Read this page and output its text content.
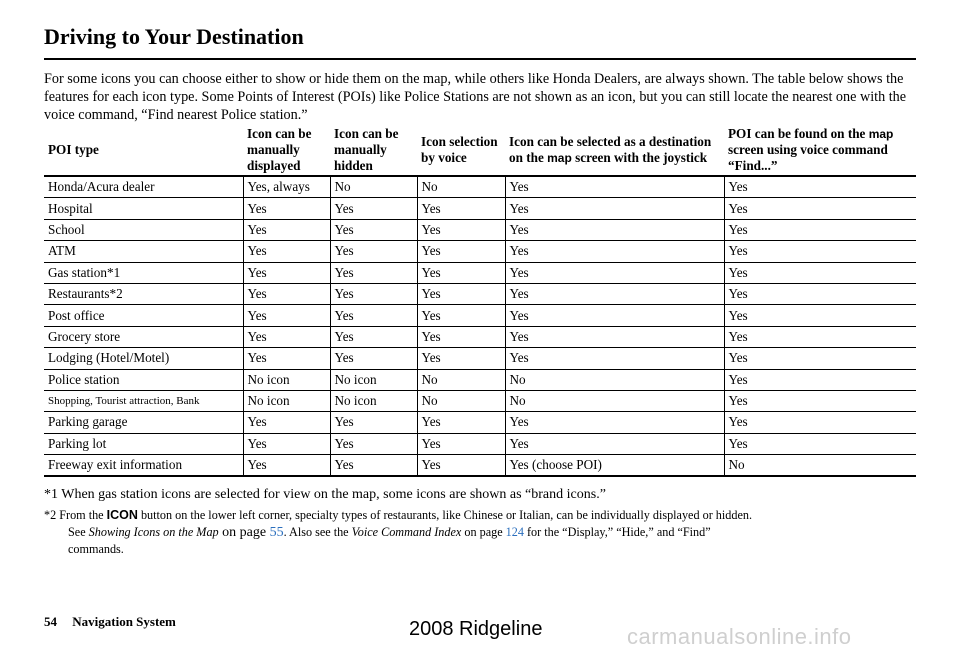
Driving to Your Destination
For some icons you can choose either to show or hide them on the map, while others like Honda Dealers, are always shown. The table below shows the features for each icon type. Some Points of Interest (POIs) like Police Stations are not shown as an icon, but you can still locate the nearest one with the voice command, “Find nearest Police station.”
POI type	Icon can be manually displayed	Icon can be manually hidden	Icon selection by voice	Icon can be selected as a destination on the map screen with the joystick	POI can be found on the map screen using voice command “Find...”
Honda/Acura dealer	Yes, always	No	No	Yes	Yes
Hospital	Yes	Yes	Yes	Yes	Yes
School	Yes	Yes	Yes	Yes	Yes
ATM	Yes	Yes	Yes	Yes	Yes
Gas station*1	Yes	Yes	Yes	Yes	Yes
Restaurants*2	Yes	Yes	Yes	Yes	Yes
Post office	Yes	Yes	Yes	Yes	Yes
Grocery store	Yes	Yes	Yes	Yes	Yes
Lodging (Hotel/Motel)	Yes	Yes	Yes	Yes	Yes
Police station	No icon	No icon	No	No	Yes
Shopping, Tourist attraction, Bank	No icon	No icon	No	No	Yes
Parking garage	Yes	Yes	Yes	Yes	Yes
Parking lot	Yes	Yes	Yes	Yes	Yes
Freeway exit information	Yes	Yes	Yes	Yes (choose POI)	No
*1 When gas station icons are selected for view on the map, some icons are shown as “brand icons.”
*2 From the ICON button on the lower left corner, specialty types of restaurants, like Chinese or Italian, can be individually displayed or hidden.
See Showing Icons on the Map on page 55. Also see the Voice Command Index on page 124 for the “Display,” “Hide,” and “Find”
commands.
54 Navigation System	2008 Ridgeline	carmanualsonline.info
